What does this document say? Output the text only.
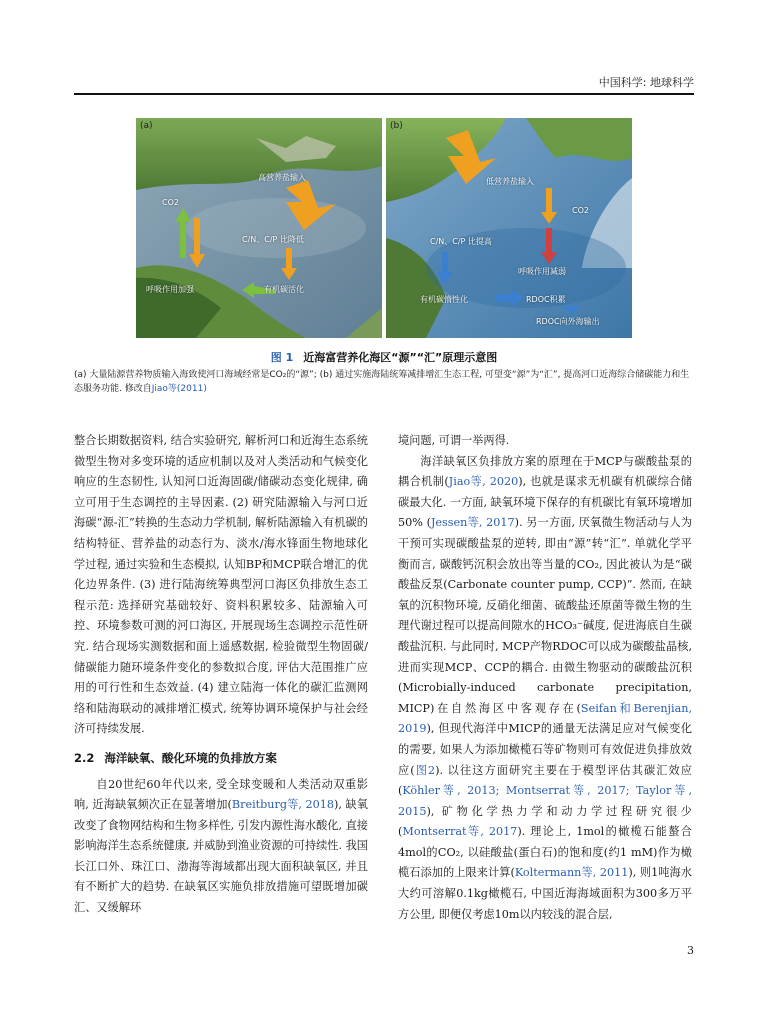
中国科学: 地球科学
(a)
高营养盐输入
CO2
C/N、C/P 比降低
呼吸作用加强	有机碳活化
(b)
低营养盐输入
CO2
C/N、C/P 比提高
呼吸作用减弱
有机碳惰性化	RDOC积累
RDOC向外海输出
图 1 近海富营养化海区“源”“汇”原理示意图
(a) 大量陆源营养物质输入海致使河口海域经常是CO₂的“源”; (b) 通过实施海陆统筹减排增汇生态工程, 可望变“源”为“汇”, 提高河口近海综合储碳能力和生态服务功能. 修改自Jiao等(2011)

整合长期数据资料, 结合实验研究, 解析河口和近海生态系统微型生物对多变环境的适应机制以及对人类活动和气候变化响应的生态韧性, 认知河口近海固碳/储碳动态变化规律, 确立可用于生态调控的主导因素. (2) 研究陆源输入与河口近海碳“源-汇”转换的生态动力学机制, 解析陆源输入有机碳的结构特征、营养盐的动态行为、淡水/海水锋面生物地球化学过程, 通过实验和生态模拟, 认知BP和MCP联合增汇的优化边界条件. (3) 进行陆海统筹典型河口海区负排放生态工程示范: 选择研究基础较好、资料积累较多、陆源输入可控、环境参数可测的河口海区, 开展现场生态调控示范性研究. 结合现场实测数据和面上遥感数据, 检验微型生物固碳/储碳能力随环境条件变化的参数拟合度, 评估大范围推广应用的可行性和生态效益. (4) 建立陆海一体化的碳汇监测网络和陆海联动的减排增汇模式, 统筹协调环境保护与社会经济可持续发展.

2.2 海洋缺氧、酸化环境的负排放方案

自20世纪60年代以来, 受全球变暖和人类活动双重影响, 近海缺氧频次正在显著增加(Breitburg等, 2018), 缺氧改变了食物网结构和生物多样性, 引发内源性海水酸化, 直接影响海洋生态系统健康, 并威胁到渔业资源的可持续性. 我国长江口外、珠江口、渤海等海域都出现大面积缺氧区, 并且有不断扩大的趋势. 在缺氧区实施负排放措施可望既增加碳汇、又缓解环

境问题, 可谓一举两得.

海洋缺氧区负排放方案的原理在于MCP与碳酸盐泵的耦合机制(Jiao等, 2020), 也就是谋求无机碳有机碳综合储碳最大化. 一方面, 缺氧环境下保存的有机碳比有氧环境增加50% (Jessen等, 2017). 另一方面, 厌氧微生物活动与人为干预可实现碳酸盐泵的逆转, 即由“源”转“汇”. 单就化学平衡而言, 碳酸钙沉积会放出等当量的CO₂, 因此被认为是“碳酸盐反泵(Carbonate counter pump, CCP)”. 然而, 在缺氧的沉积物环境, 反硝化细菌、硫酸盐还原菌等微生物的生理代谢过程可以提高间隙水的HCO₃⁻碱度, 促进海底自生碳酸盐沉积. 与此同时, MCP产物RDOC可以成为碳酸盐晶核, 进而实现MCP、CCP的耦合. 由微生物驱动的碳酸盐沉积(Microbially-induced carbonate precipitation, MICP)在自然海区中客观存在(Seifan和Berenjian, 2019), 但现代海洋中MICP的通量无法满足应对气候变化的需要, 如果人为添加橄榄石等矿物则可有效促进负排放效应(图2). 以往这方面研究主要在于模型评估其碳汇效应(Köhler等, 2013; Montserrat等, 2017; Taylor等, 2015), 矿物化学热力学和动力学过程研究很少(Montserrat等, 2017). 理论上, 1mol的橄榄石能螯合4mol的CO₂, 以硅酸盐(蛋白石)的饱和度(约1 mM)作为橄榄石添加的上限来计算(Koltermann等, 2011), 则1吨海水大约可溶解0.1kg橄榄石, 中国近海海域面积为300多万平方公里, 即便仅考虑10m以内较浅的混合层,

3
